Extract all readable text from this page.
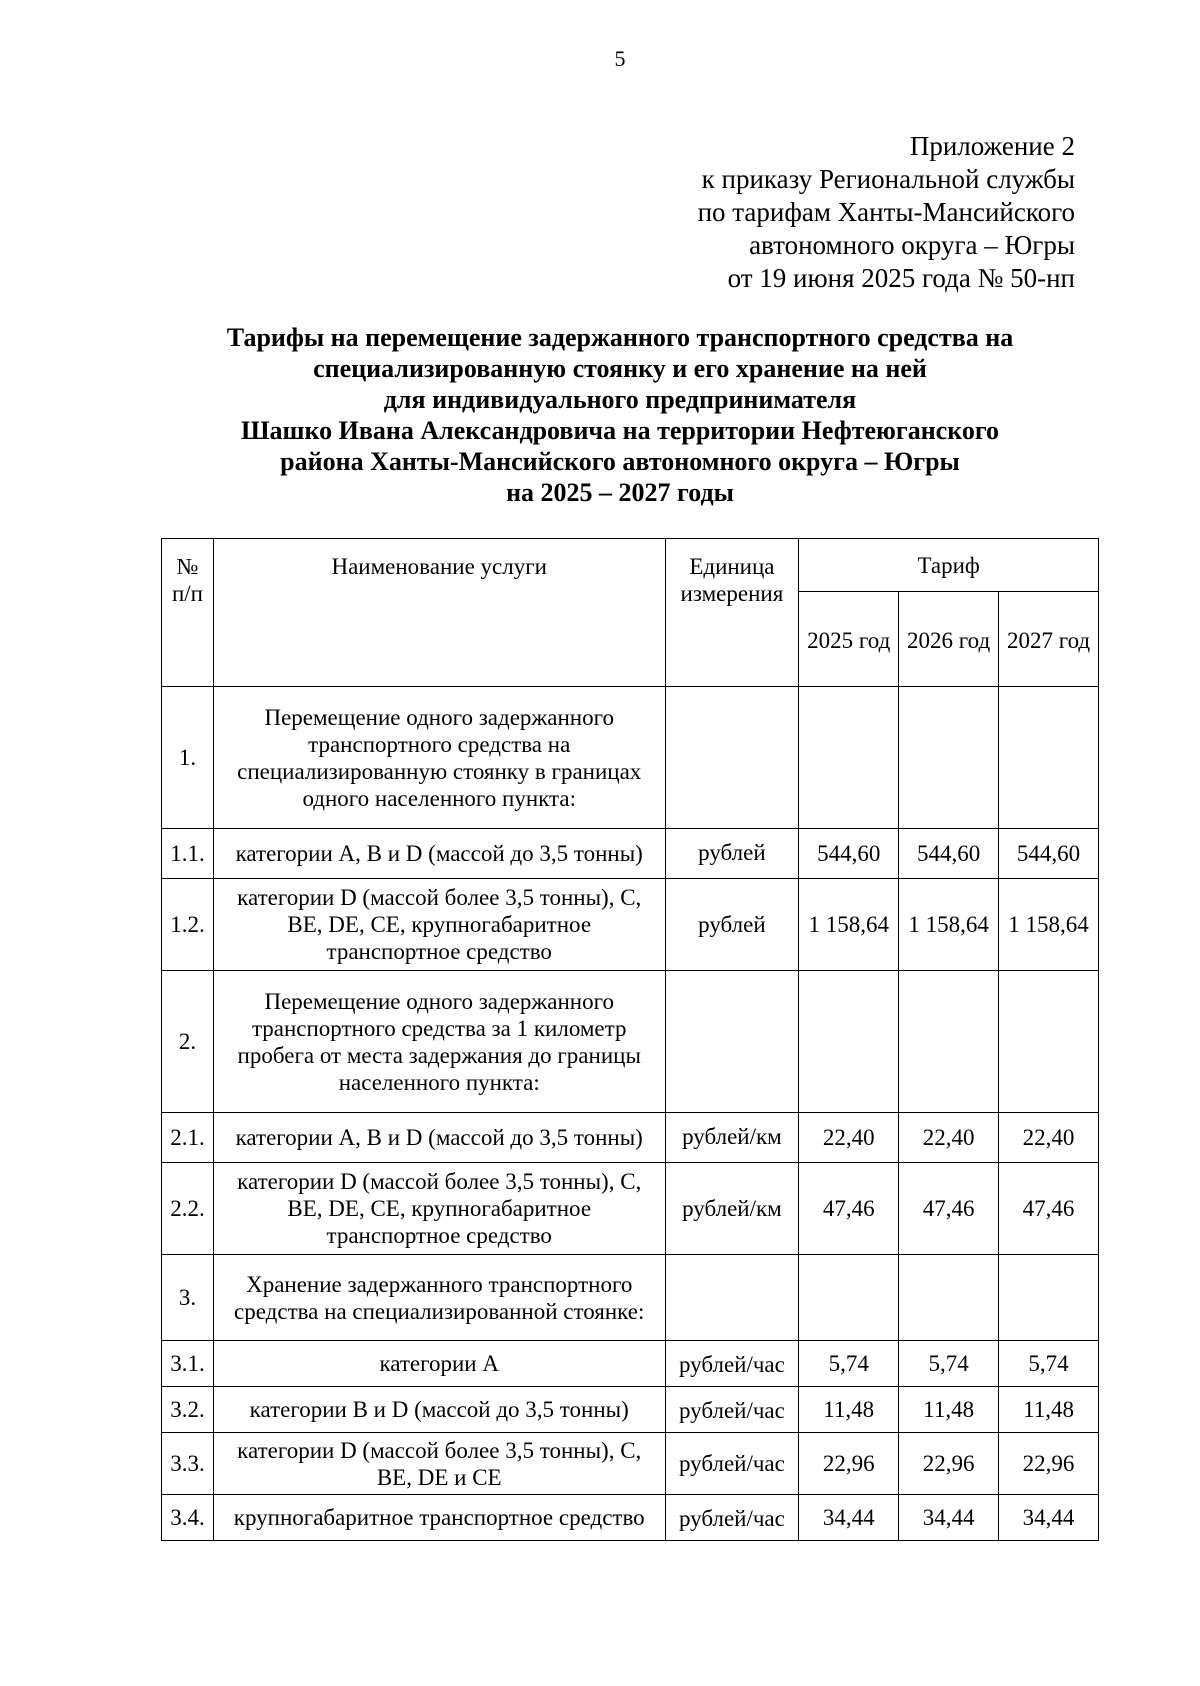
5
Приложение 2
к приказу Региональной службы
по тарифам Ханты-Мансийского
автономного округа – Югры
от 19 июня 2025 года № 50-нп
Тарифы на перемещение задержанного транспортного средства на
специализированную стоянку и его хранение на ней
для индивидуального предпринимателя
Шашко Ивана Александровича на территории Нефтеюганского
района Ханты-Мансийского автономного округа – Югры
на 2025 – 2027 годы
№ п/п	Наименование услуги	Единица измерения	Тариф		
			2025 год	2026 год	2027 год
1.	Перемещение одного задержанного транспортного средства на специализированную стоянку в границах одного населенного пункта:				
1.1.	категории A, B и D (массой до 3,5 тонны)	рублей	544,60	544,60	544,60
1.2.	категории D (массой более 3,5 тонны), C, BE, DE, CE, крупногабаритное транспортное средство	рублей	1 158,64	1 158,64	1 158,64
2.	Перемещение одного задержанного транспортного средства за 1 километр пробега от места задержания до границы населенного пункта:				
2.1.	категории A, B и D (массой до 3,5 тонны)	рублей/км	22,40	22,40	22,40
2.2.	категории D (массой более 3,5 тонны), C, BE, DE, CE, крупногабаритное транспортное средство	рублей/км	47,46	47,46	47,46
3.	Хранение задержанного транспортного средства на специализированной стоянке:				
3.1.	категории A	рублей/час	5,74	5,74	5,74
3.2.	категории B и D (массой до 3,5 тонны)	рублей/час	11,48	11,48	11,48
3.3.	категории D (массой более 3,5 тонны), C, BE, DE и CE	рублей/час	22,96	22,96	22,96
3.4.	крупногабаритное транспортное средство	рублей/час	34,44	34,44	34,44
